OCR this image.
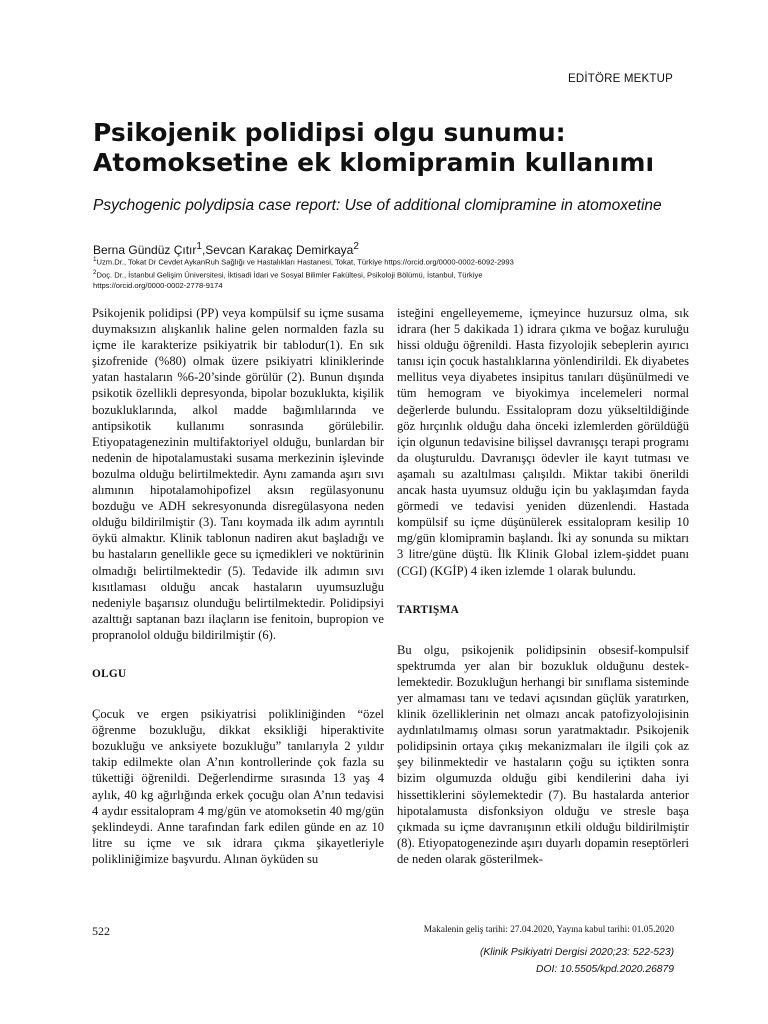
EDİTÖRE MEKTUP
Psikojenik polidipsi olgu sunumu:
Atomoksetine ek klomipramin kullanımı

Psychogenic polydipsia case report: Use of additional clomipramine in atomoxetine

Berna Gündüz Çıtır$^1$,Sevcan Karakaç Demirkaya$^2$
$^1$Uzm.Dr., Tokat Dr Cevdet AykanRuh Sağlığı ve Hastalıkları Hastanesi, Tokat, Türkiye https://orcid.org/0000-0002-6092-2993
$^2$Doç. Dr., İstanbul Gelişim Üniversitesi, İktisadi İdari ve Sosyal Bilimler Fakültesi, Psikoloji Bölümü, İstanbul, Türkiye
https://orcid.org/0000-0002-2778-9174

Psikojenik polidipsi (PP) veya kompülsif su içme susama duymaksızın alışkanlık haline gelen normalden fazla su içme ile karakterize psikiyatrik bir tablodur(1). En sık şizofrenide (%80) olmak üzere psikiyatri kliniklerinde yatan hastaların %6-20’sinde görülür (2). Bunun dışında psikotik özellikli depresyonda, bipolar bozuklukta, kişilik bozukluklarında, alkol madde bağımlılarında ve antipsikotik kullanımı sonrasında görülebilir. Etiyopatagenezinin multifaktoriyel olduğu, bunlardan bir nedenin de hipotalamustaki susama merkezinin işlevinde bozulma olduğu belirtilmektedir. Aynı zamanda aşırı sıvı alımının hipotalamohipofizel aksın regülasyonunu bozduğu ve ADH sekresyonunda disregülasyona neden olduğu bildirilmiştir (3). Tanı koymada ilk adım ayrıntılı öykü almaktır. Klinik tablonun nadiren akut başladığı ve bu hastaların genellikle gece su içmedikleri ve noktürinin olmadığı belirtilmektedir (5). Tedavide ilk adımın sıvı kısıtlaması olduğu ancak hastaların uyumsuzluğu nedeniyle başarısız olunduğu belirtilmektedir. Polidipsiyi azalttığı saptanan bazı ilaçların ise fenitoin, bupropion ve propranolol olduğu bildirilmiştir (6).

OLGU

Çocuk ve ergen psikiyatrisi polikliniğinden “özel öğrenme bozukluğu, dikkat eksikliği hiperaktivite bozukluğu ve anksiyete bozukluğu” tanılarıyla 2 yıldır takip edilmekte olan A’nın kontrollerinde çok fazla su tükettiği öğrenildi. Değerlendirme sırasında 13 yaş 4 aylık, 40 kg ağırlığında erkek çocuğu olan A’nın tedavisi 4 aydır essitalopram 4 mg/gün ve atomoksetin 40 mg/gün şeklindeydi. Anne tarafından fark edilen günde en az 10 litre su içme ve sık idrara çıkma şikayetleriyle polikliniğimize başvurdu. Alınan öyküden su

isteğini engelleyememe, içmeyince huzursuz olma, sık idrara (her 5 dakikada 1) idrara çıkma ve boğaz kuruluğu hissi olduğu öğrenildi. Hasta fizyolojik sebeplerin ayırıcı tanısı için çocuk hastalıklarına yönlendirildi. Ek diyabetes mellitus veya diyabetes insipitus tanıları düşünülmedi ve tüm hemogram ve biyokimya incelemeleri normal değerlerde bulundu. Essitalopram dozu yükseltildiğinde göz hırçınlık olduğu daha önceki izlemlerden görüldüğü için olgunun tedavisine bilişsel davranışçı terapi programı da oluşturuldu. Davranışçı ödevler ile kayıt tutması ve aşamalı su azaltılması çalışıldı. Miktar takibi önerildi ancak hasta uyumsuz olduğu için bu yaklaşımdan fayda görmedi ve tedavisi yeniden düzenlendi. Hastada kompülsif su içme düşünülerek essitalopram kesilip 10 mg/gün klomipramin başlandı. İki ay sonunda su miktarı 3 litre/güne düştü. İlk Klinik Global izlem-şiddet puanı (CGI) (KGİP) 4 iken izlemde 1 olarak bulundu.

TARTIŞMA

Bu olgu, psikojenik polidipsinin obsesif-kompulsif spektrumda yer alan bir bozukluk olduğunu desteklemektedir. Bozukluğun herhangi bir sınıflama sisteminde yer almaması tanı ve tedavi açısından güçlük yaratırken, klinik özelliklerinin net olmazı ancak patofizyolojisinin aydınlatılmamış olması sorun yaratmaktadır. Psikojenik polidipsinin ortaya çıkış mekanizmaları ile ilgili çok az şey bilinmektedir ve hastaların çoğu su içtikten sonra bizim olgumuzda olduğu gibi kendilerini daha iyi hissettiklerini söylemektedir (7). Bu hastalarda anterior hipotalamusta disfonksiyon olduğu ve stresle başa çıkmada su içme davranışının etkili olduğu bildirilmiştir (8). Etiyopatogenezinde aşırı duyarlı dopamin reseptörleri de neden olarak gösterilmek-

522	Makalenin geliş tarihi: 27.04.2020, Yayına kabul tarihi: 01.05.2020
(Klinik Psikiyatri Dergisi 2020;23: 522-523)
DOI: 10.5505/kpd.2020.26879
